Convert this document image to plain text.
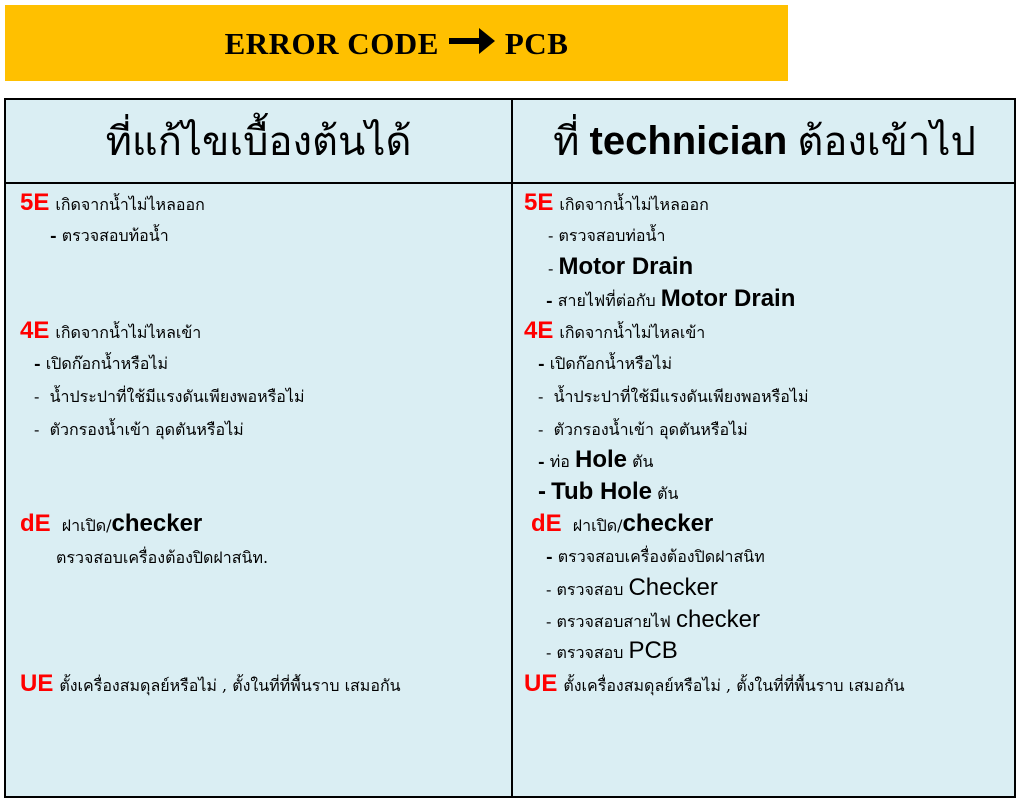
ERROR CODE PCB
ที่แก้ไขเบื้องต้นได้	ที่ technician ต้องเข้าไป
5E เกิดจากน้ำไม่ไหลออก
- ตรวจสอบท้อน้ำ
4E เกิดจากน้ำไม่ไหลเข้า
- เปิดก๊อกน้ำหรือไม่
- น้ำประปาที่ใช้มีแรงดันเพียงพอหรือไม่
- ตัวกรองน้ำเข้า อุดตันหรือไม่
dE ฝาเปิด/checker
ตรวจสอบเครื่องต้องปิดฝาสนิท.
UE ตั้งเครื่องสมดุลย์หรือไม่ , ตั้งในที่ที่พื้นราบ เสมอกัน
5E เกิดจากน้ำไม่ไหลออก
- ตรวจสอบท่อน้ำ
- Motor Drain
- สายไฟที่ต่อกับ Motor Drain
4E เกิดจากน้ำไม่ไหลเข้า
- เปิดก๊อกน้ำหรือไม่
- น้ำประปาที่ใช้มีแรงดันเพียงพอหรือไม่
- ตัวกรองน้ำเข้า อุดตันหรือไม่
- ท่อ Hole ตัน
- Tub Hole ตัน
dE ฝาเปิด/checker
- ตรวจสอบเครื่องต้องปิดฝาสนิท
- ตรวจสอบ Checker
- ตรวจสอบสายไฟ checker
- ตรวจสอบ PCB
UE ตั้งเครื่องสมดุลย์หรือไม่ , ตั้งในที่ที่พื้นราบ เสมอกัน
